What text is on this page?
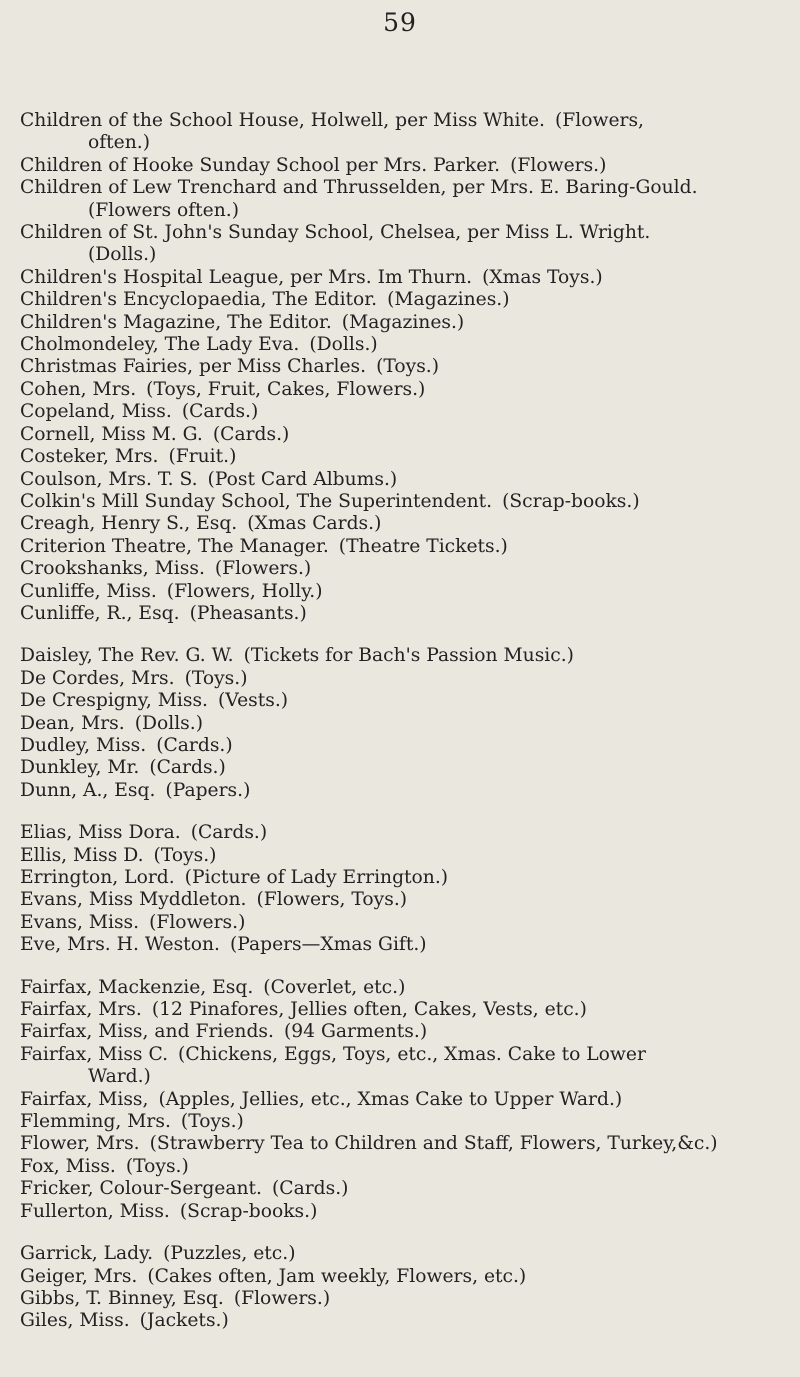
59
Children of the School House, Holwell, per Miss White. (Flowers,
often.)
Children of Hooke Sunday School per Mrs. Parker. (Flowers.)
Children of Lew Trenchard and Thrusselden, per Mrs. E. Baring-Gould.
(Flowers often.)
Children of St. John's Sunday School, Chelsea, per Miss L. Wright.
(Dolls.)
Children's Hospital League, per Mrs. Im Thurn. (Xmas Toys.)
Children's Encyclopaedia, The Editor. (Magazines.)
Children's Magazine, The Editor. (Magazines.)
Cholmondeley, The Lady Eva. (Dolls.)
Christmas Fairies, per Miss Charles. (Toys.)
Cohen, Mrs. (Toys, Fruit, Cakes, Flowers.)
Copeland, Miss. (Cards.)
Cornell, Miss M. G. (Cards.)
Costeker, Mrs. (Fruit.)
Coulson, Mrs. T. S. (Post Card Albums.)
Colkin's Mill Sunday School, The Superintendent. (Scrap-books.)
Creagh, Henry S., Esq. (Xmas Cards.)
Criterion Theatre, The Manager. (Theatre Tickets.)
Crookshanks, Miss. (Flowers.)
Cunliffe, Miss. (Flowers, Holly.)
Cunliffe, R., Esq. (Pheasants.)
Daisley, The Rev. G. W. (Tickets for Bach's Passion Music.)
De Cordes, Mrs. (Toys.)
De Crespigny, Miss. (Vests.)
Dean, Mrs. (Dolls.)
Dudley, Miss. (Cards.)
Dunkley, Mr. (Cards.)
Dunn, A., Esq. (Papers.)
Elias, Miss Dora. (Cards.)
Ellis, Miss D. (Toys.)
Errington, Lord. (Picture of Lady Errington.)
Evans, Miss Myddleton. (Flowers, Toys.)
Evans, Miss. (Flowers.)
Eve, Mrs. H. Weston. (Papers—Xmas Gift.)
Fairfax, Mackenzie, Esq. (Coverlet, etc.)
Fairfax, Mrs. (12 Pinafores, Jellies often, Cakes, Vests, etc.)
Fairfax, Miss, and Friends. (94 Garments.)
Fairfax, Miss C. (Chickens, Eggs, Toys, etc., Xmas. Cake to Lower
Ward.)
Fairfax, Miss, (Apples, Jellies, etc., Xmas Cake to Upper Ward.)
Flemming, Mrs. (Toys.)
Flower, Mrs. (Strawberry Tea to Children and Staff, Flowers, Turkey,&c.)
Fox, Miss. (Toys.)
Fricker, Colour-Sergeant. (Cards.)
Fullerton, Miss. (Scrap-books.)
Garrick, Lady. (Puzzles, etc.)
Geiger, Mrs. (Cakes often, Jam weekly, Flowers, etc.)
Gibbs, T. Binney, Esq. (Flowers.)
Giles, Miss. (Jackets.)
